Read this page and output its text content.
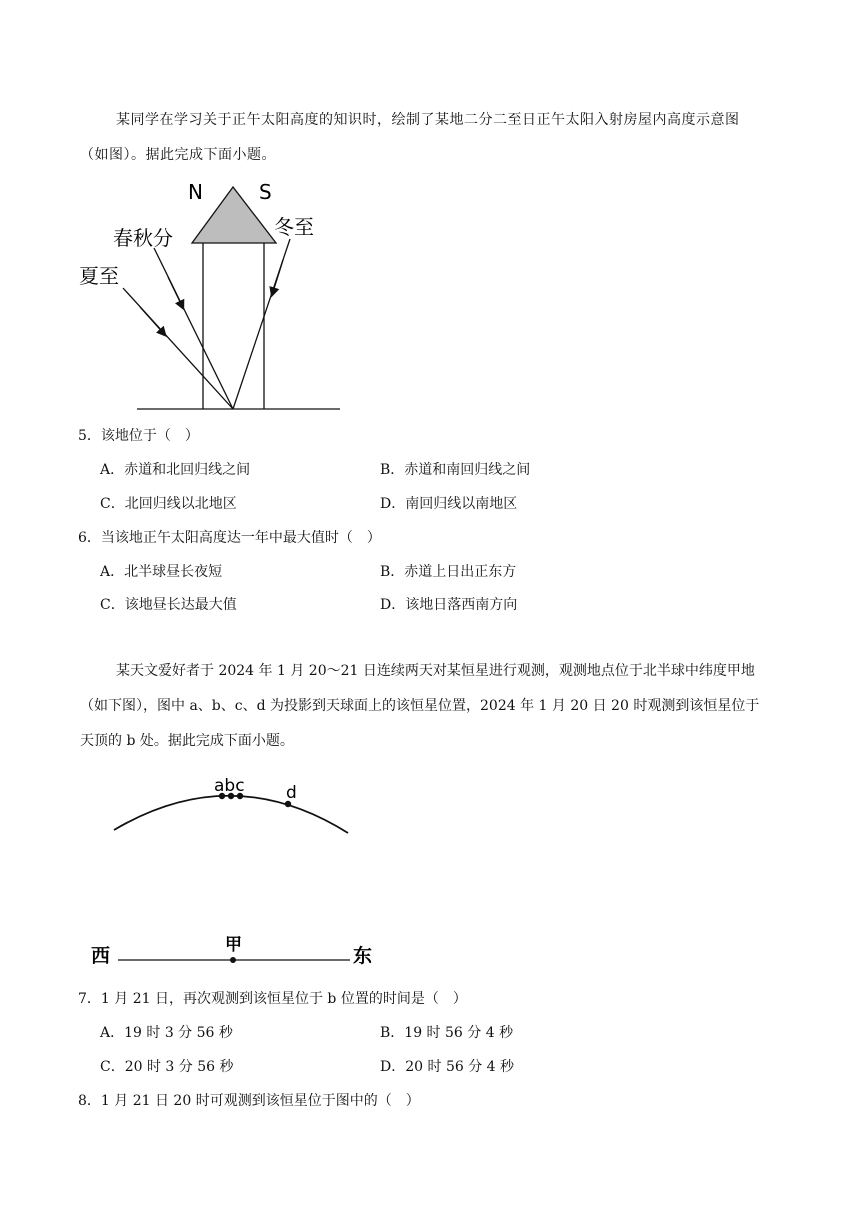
某同学在学习关于正午太阳高度的知识时，绘制了某地二分二至日正午太阳入射房屋内高度示意图
（如图）。据此完成下面小题。
N	S
春秋分	冬至
夏至
5．该地位于（　）
A．赤道和北回归线之间	B．赤道和南回归线之间
C．北回归线以北地区	D．南回归线以南地区
6．当该地正午太阳高度达一年中最大值时（　）
A．北半球昼长夜短	B．赤道上日出正东方
C．该地昼长达最大值	D．该地日落西南方向
某天文爱好者于 2024 年 1 月 20～21 日连续两天对某恒星进行观测，观测地点位于北半球中纬度甲地
（如下图），图中 a、b、c、d 为投影到天球面上的该恒星位置，2024 年 1 月 20 日 20 时观测到该恒星位于
天顶的 b 处。据此完成下面小题。
abc d
西	东
甲
7．1 月 21 日，再次观测到该恒星位于 b 位置的时间是（　）
A．19 时 3 分 56 秒	B．19 时 56 分 4 秒
C．20 时 3 分 56 秒	D．20 时 56 分 4 秒
8．1 月 21 日 20 时可观测到该恒星位于图中的（　）
